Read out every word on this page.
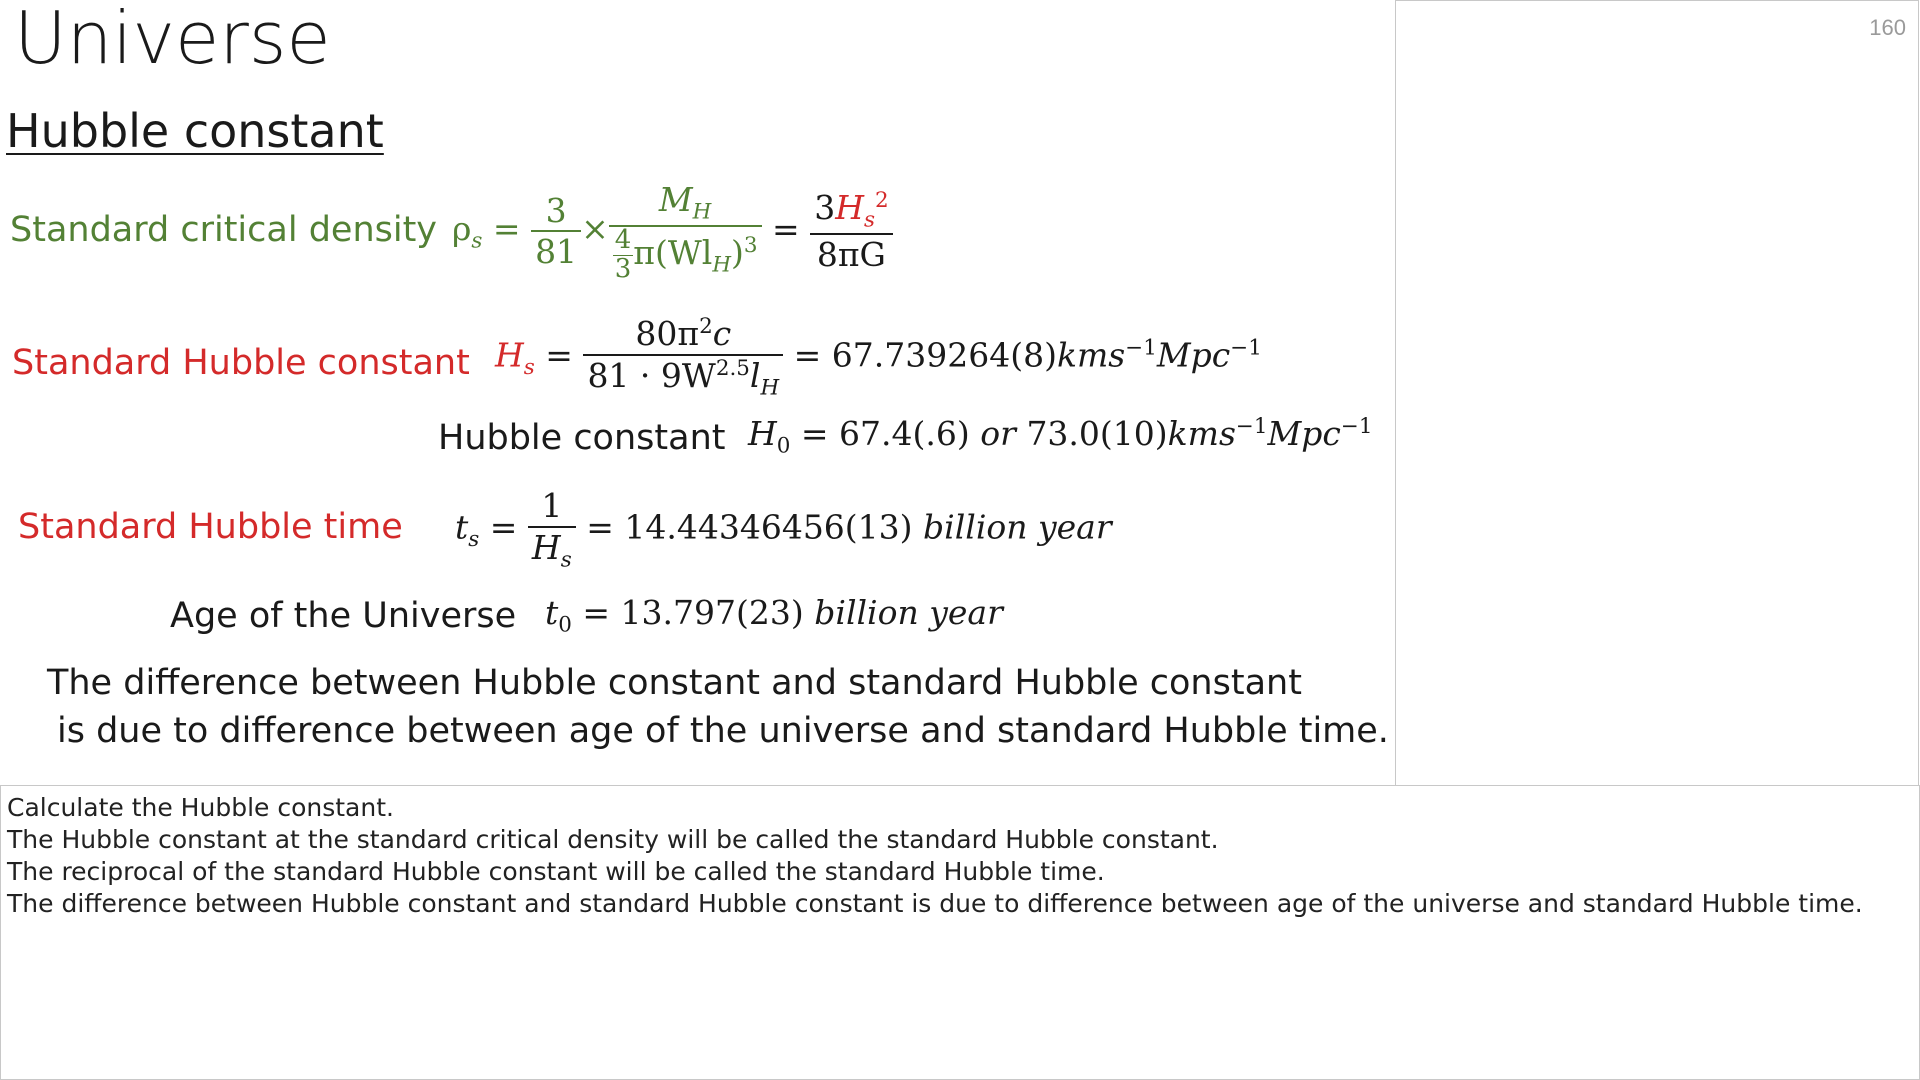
Universe
Hubble constant
Standard critical density $\rho_s = \frac{3}{81} \times \frac{M_H}{\frac{4}{3} \pi(Wl_H)^3} = \frac{3H_s^2}{8\pi G}$
Standard Hubble constant $H_s = \frac{80\pi^2c}{81 \cdot 9W^{2.5}l_H} = 67.739264(8)kms^{-1}Mpc^{-1}$
Hubble constant $H_0 = 67.4(.6)$ or 73.0(10)kms$^{-1}$Mpc$^{-1}$
Standard Hubble time $t_s = \frac{1}{H_s} = 14.44346456(13)$ billion year
Age of the Universe $t_0 = 13.797(23)$ billion year
The difference between Hubble constant and standard Hubble constant
is due to difference between age of the universe and standard Hubble time.
160
Calculate the Hubble constant.
The Hubble constant at the standard critical density will be called the standard Hubble constant.
The reciprocal of the standard Hubble constant will be called the standard Hubble time.
The difference between Hubble constant and standard Hubble constant is due to difference between age of the universe and standard Hubble time.
